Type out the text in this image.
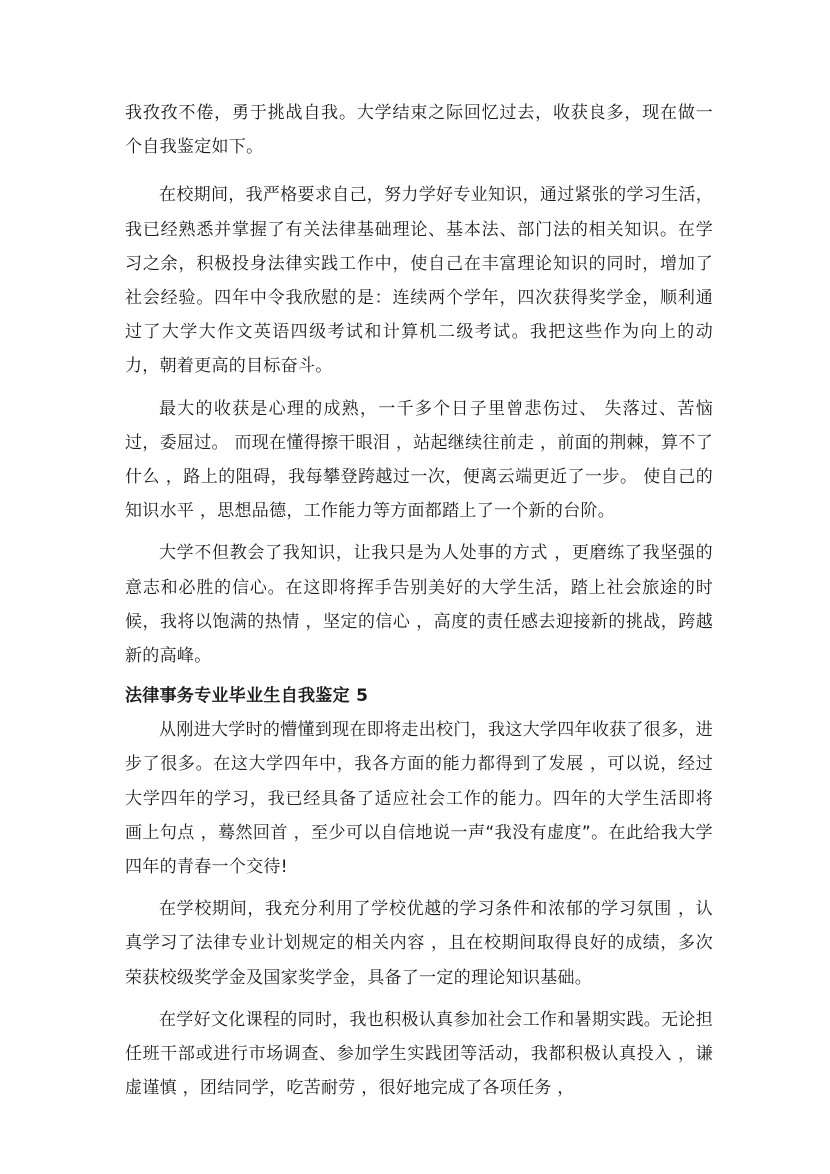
我孜孜不倦，勇于挑战自我。大学结束之际回忆过去，收获良多，现在做一个自我鉴定如下。

在校期间，我严格要求自己，努力学好专业知识，通过紧张的学习生活，我已经熟悉并掌握了有关法律基础理论、基本法、部门法的相关知识。在学习之余，积极投身法律实践工作中，使自己在丰富理论知识的同时，增加了社会经验。四年中令我欣慰的是：连续两个学年，四次获得奖学金，顺利通过了大学大作文英语四级考试和计算机二级考试。我把这些作为向上的动力，朝着更高的目标奋斗。

最大的收获是心理的成熟，一千多个日子里曾悲伤过、 失落过、苦恼过，委屈过。 而现在懂得擦干眼泪 ，站起继续往前走 ，前面的荆棘，算不了什么 ，路上的阻碍，我每攀登跨越过一次，便离云端更近了一步。 使自己的知识水平 ，思想品德，工作能力等方面都踏上了一个新的台阶。

大学不但教会了我知识，让我只是为人处事的方式 ，更磨练了我坚强的意志和必胜的信心。在这即将挥手告别美好的大学生活，踏上社会旅途的时候，我将以饱满的热情 ，坚定的信心 ，高度的责任感去迎接新的挑战，跨越新的高峰。

法律事务专业毕业生自我鉴定 5

从刚进大学时的懵懂到现在即将走出校门，我这大学四年收获了很多，进步了很多。在这大学四年中，我各方面的能力都得到了发展 ，可以说，经过大学四年的学习，我已经具备了适应社会工作的能力。四年的大学生活即将画上句点 ，蓦然回首 ，至少可以自信地说一声“我没有虚度”。在此给我大学四年的青春一个交待!

在学校期间，我充分利用了学校优越的学习条件和浓郁的学习氛围 ，认真学习了法律专业计划规定的相关内容 ，且在校期间取得良好的成绩，多次荣获校级奖学金及国家奖学金，具备了一定的理论知识基础。

在学好文化课程的同时，我也积极认真参加社会工作和暑期实践。无论担任班干部或进行市场调查、参加学生实践团等活动，我都积极认真投入 ，谦虚谨慎 ，团结同学，吃苦耐劳 ，很好地完成了各项任务 ，
